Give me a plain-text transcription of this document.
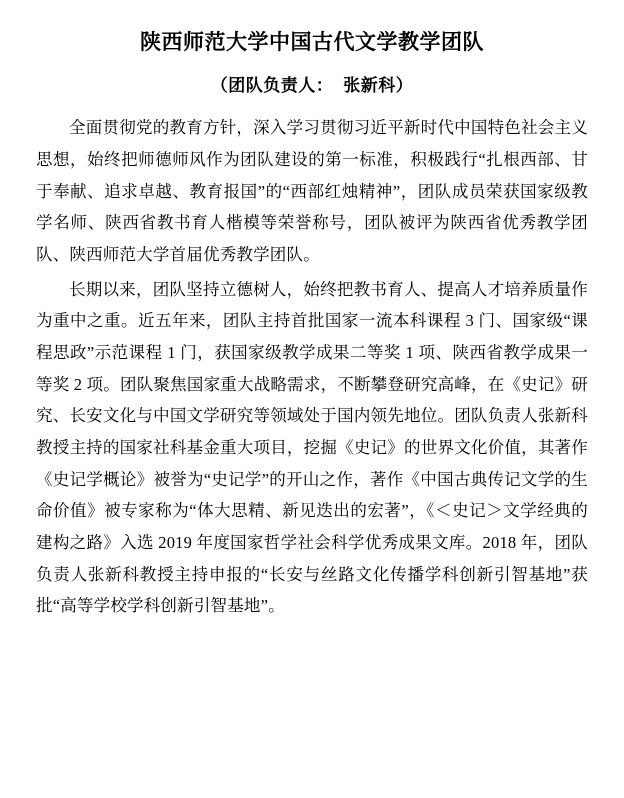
陕西师范大学中国古代文学教学团队
（团队负责人： 张新科）

全面贯彻党的教育方针，深入学习贯彻习近平新时代中国特色社会主义思想，始终把师德师风作为团队建设的第一标准，积极践行“扎根西部、甘于奉献、追求卓越、教育报国”的“西部红烛精神”，团队成员荣获国家级教学名师、陕西省教书育人楷模等荣誉称号，团队被评为陕西省优秀教学团队、陕西师范大学首届优秀教学团队。

长期以来，团队坚持立德树人，始终把教书育人、提高人才培养质量作为重中之重。近五年来，团队主持首批国家一流本科课程 3 门、国家级“课程思政”示范课程 1 门，获国家级教学成果二等奖 1 项、陕西省教学成果一等奖 2 项。团队聚焦国家重大战略需求，不断攀登研究高峰，在《史记》研究、长安文化与中国文学研究等领域处于国内领先地位。团队负责人张新科教授主持的国家社科基金重大项目，挖掘《史记》的世界文化价值，其著作《史记学概论》被誉为“史记学”的开山之作，著作《中国古典传记文学的生命价值》被专家称为“体大思精、新见迭出的宏著”，《＜史记＞文学经典的建构之路》入选 2019 年度国家哲学社会科学优秀成果文库。2018 年，团队负责人张新科教授主持申报的“长安与丝路文化传播学科创新引智基地”获批“高等学校学科创新引智基地”。
